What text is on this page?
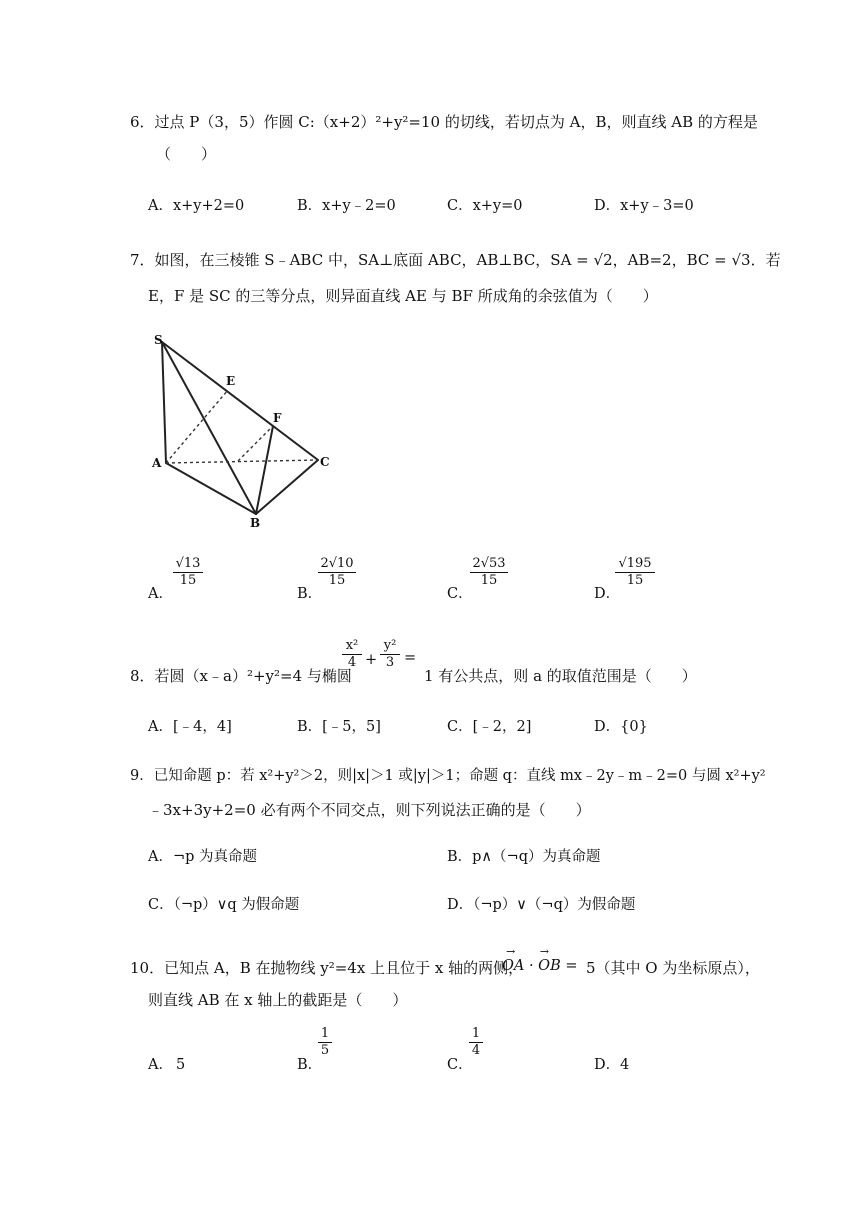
6．过点 P（3，5）作圆 C:（x+2）²+y²=10 的切线，若切点为 A，B，则直线 AB 的方程是
（　　）
A．x+y+2=0	B．x+y﹣2=0	C．x+y=0	D．x+y﹣3=0
7．如图，在三棱锥 S﹣ABC 中，SA⊥底面 ABC，AB⊥BC，SA = √2，AB=2，BC = √3．若
E，F 是 SC 的三等分点，则异面直线 AE 与 BF 所成角的余弦值为（　　）
S
E
F
A	C
B
A．
$\frac{√13}{15}$
B．
$\frac{2√10}{15}$
C．
$\frac{2√53}{15}$
D．
$\frac{√195}{15}$
8．若圆（x﹣a）²+y²=4 与椭圆
$\frac{\text{x²}}{4} + \frac{\text{y²}}{3}$ =
1 有公共点，则 a 的取值范围是（　　）
A．[﹣4，4]	B．[﹣5，5]	C．[﹣2，2]	D．{0}
9．已知命题 p：若 x²+y²＞2，则|x|＞1 或|y|＞1；命题 q：直线 mx﹣2y﹣m﹣2=0 与圆 x²+y²
﹣3x+3y+2=0 必有两个不同交点，则下列说法正确的是（　　）
A．¬p 为真命题	B．p∧（¬q）为真命题
C．（¬p）∨q 为假命题	D．（¬p）∨（¬q）为假命题
10．已知点 A，B 在抛物线 y²=4x 上且位于 x 轴的两侧，
OA · OB =
→       →
5（其中 O 为坐标原点），
则直线 AB 在 x 轴上的截距是（　　）
A． 5	B．
$\frac{1}{5}$
C．
$\frac{1}{4}$
D． 4
